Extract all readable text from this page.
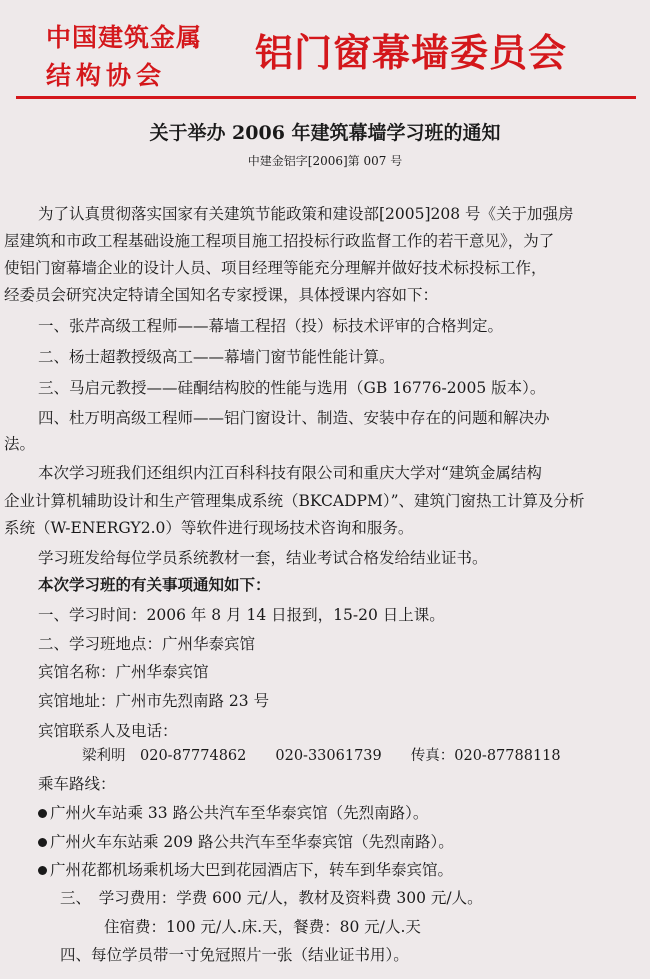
中国建筑金属
结构协会
铝门窗幕墙委员会
关于举办 2006 年建筑幕墙学习班的通知
中建金铝字[2006]第 007 号
为了认真贯彻落实国家有关建筑节能政策和建设部[2005]208 号《关于加强房
屋建筑和市政工程基础设施工程项目施工招投标行政监督工作的若干意见》，为了
使铝门窗幕墙企业的设计人员、项目经理等能充分理解并做好技术标投标工作，
经委员会研究决定特请全国知名专家授课，具体授课内容如下：
一、张芹高级工程师——幕墙工程招（投）标技术评审的合格判定。
二、杨士超教授级高工——幕墙门窗节能性能计算。
三、马启元教授——硅酮结构胶的性能与选用（GB 16776-2005 版本）。
四、杜万明高级工程师——铝门窗设计、制造、安装中存在的问题和解决办
法。
本次学习班我们还组织内江百科科技有限公司和重庆大学对“建筑金属结构
企业计算机辅助设计和生产管理集成系统（BKCADPM）”、建筑门窗热工计算及分析
系统（W-ENERGY2.0）等软件进行现场技术咨询和服务。
学习班发给每位学员系统教材一套，结业考试合格发给结业证书。
本次学习班的有关事项通知如下：
一、学习时间：2006 年 8 月 14 日报到，15-20 日上课。
二、学习班地点：广州华泰宾馆
宾馆名称：广州华泰宾馆
宾馆地址：广州市先烈南路 23 号
宾馆联系人及电话：
梁利明　020-87774862　　020-33061739　　传真：020-87788118
乘车路线：
广州火车站乘 33 路公共汽车至华泰宾馆（先烈南路）。
广州火车东站乘 209 路公共汽车至华泰宾馆（先烈南路）。
广州花都机场乘机场大巴到花园酒店下，转车到华泰宾馆。
三、　学习费用：学费 600 元/人，教材及资料费 300 元/人。
住宿费：100 元/人.床.天，餐费：80 元/人.天
四、每位学员带一寸免冠照片一张（结业证书用）。
